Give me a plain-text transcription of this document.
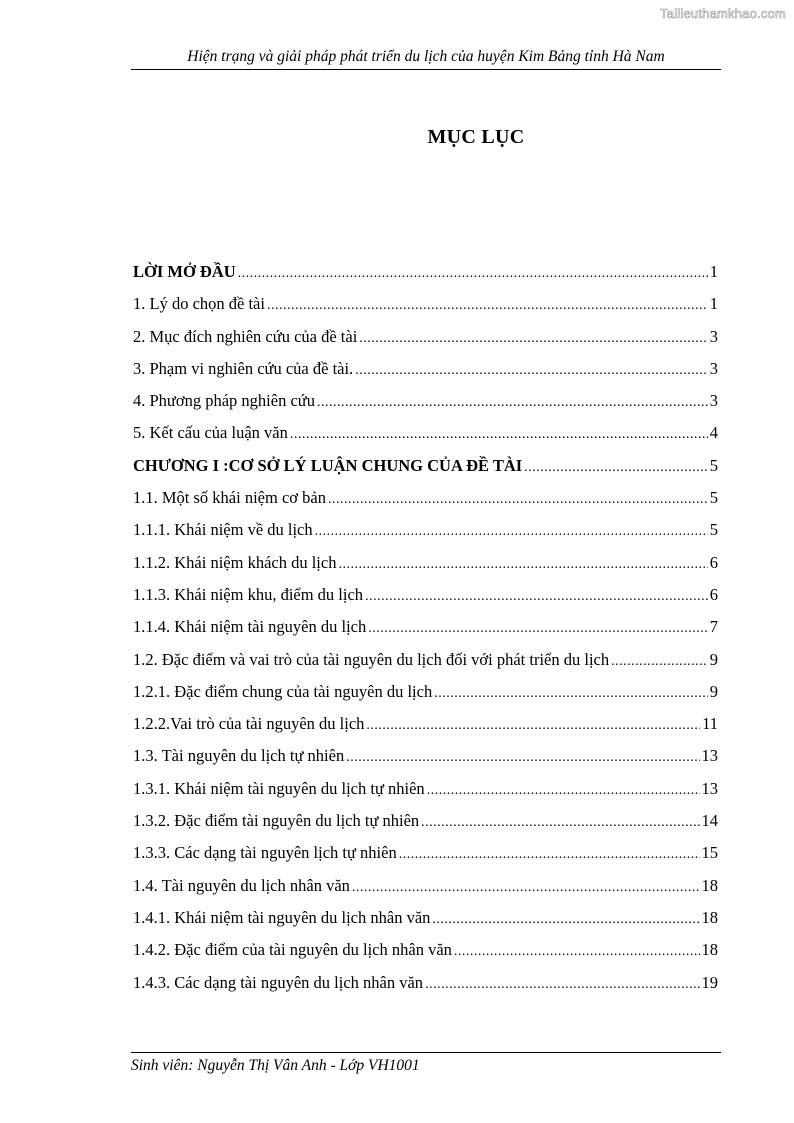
Tailieuthamkhao.com
Hiện trạng và giải pháp phát triển du lịch của huyện Kim Bảng tỉnh Hà Nam
MỤC LỤC
LỜI MỞ ĐẦU .....	1
1. Lý do chọn đề tài .....	1
2. Mục đích nghiên cứu của đề tài .....	3
3. Phạm vi nghiên cứu của đề tài. .....	3
4. Phương pháp nghiên cứu .....	3
5. Kết cấu của luận văn .....	4
CHƯƠNG I :CƠ SỞ LÝ LUẬN CHUNG CỦA ĐỀ TÀI .....	5
1.1. Một số khái niệm cơ bản .....	5
1.1.1. Khái niệm về du lịch .....	5
1.1.2. Khái niệm khách du lịch .....	6
1.1.3. Khái niệm khu, điểm du lịch .....	6
1.1.4. Khái niệm tài nguyên du lịch .....	7
1.2. Đặc điểm và vai trò của tài nguyên du lịch đối với phát triển du lịch .....	9
1.2.1. Đặc điểm chung của tài nguyên du lịch .....	9
1.2.2.Vai trò của tài nguyên du lịch .....	11
1.3. Tài nguyên du lịch tự nhiên .....	13
1.3.1. Khái niệm tài nguyên du lịch tự nhiên .....	13
1.3.2. Đặc điểm tài nguyên du lịch tự nhiên .....	14
1.3.3. Các dạng tài nguyên lịch tự nhiên .....	15
1.4. Tài nguyên du lịch nhân văn .....	18
1.4.1. Khái niệm tài nguyên du lịch nhân văn .....	18
1.4.2. Đặc điểm của tài nguyên du lịch nhân văn .....	18
1.4.3. Các dạng tài nguyên du lịch nhân văn .....	19
Sinh viên: Nguyễn Thị Vân Anh - Lớp VH1001
